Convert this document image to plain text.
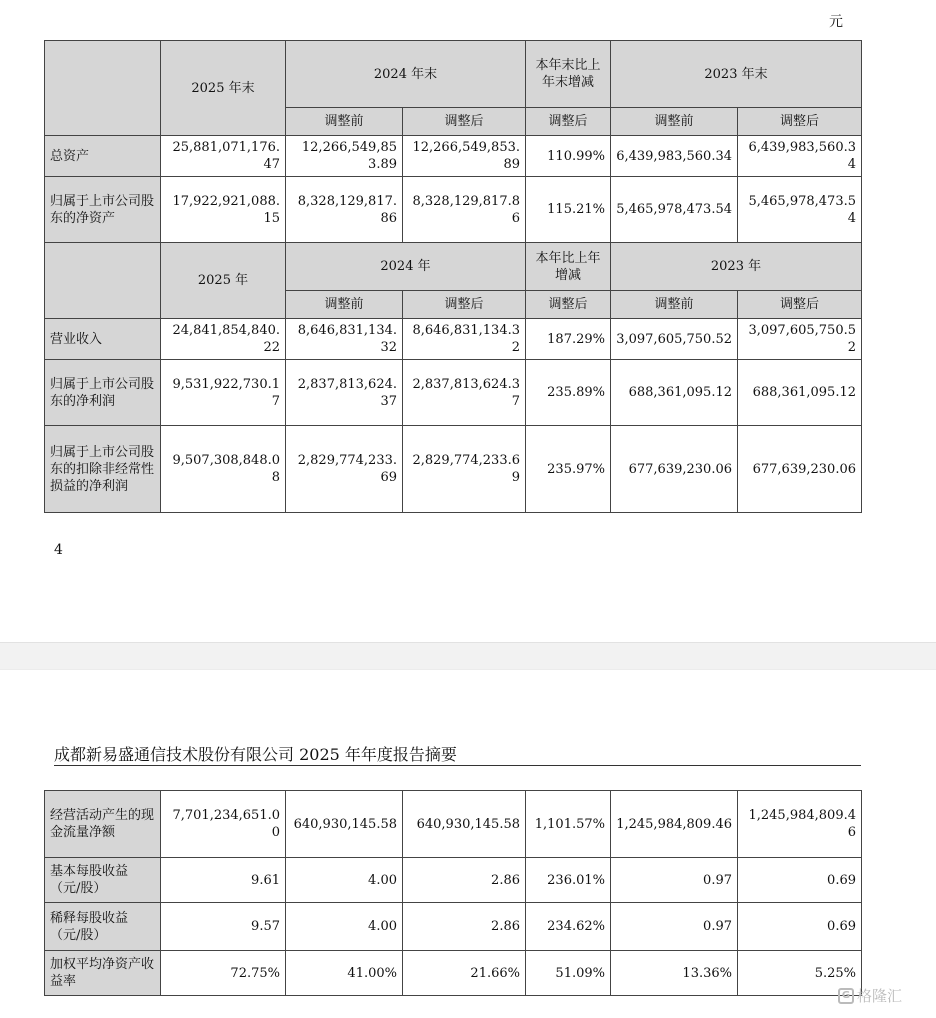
元
	2025 年末	2024 年末		本年末比上年末增减	2023 年末	
		调整前	调整后	调整后	调整前	调整后
总资产	25,881,071,176.47	12,266,549,853.89	12,266,549,853.89	110.99%	6,439,983,560.34	6,439,983,560.34
归属于上市公司股东的净资产	17,922,921,088.15	8,328,129,817.86	8,328,129,817.86	115.21%	5,465,978,473.54	5,465,978,473.54
	2025 年	2024 年		本年比上年增减	2023 年	
		调整前	调整后	调整后	调整前	调整后
营业收入	24,841,854,840.22	8,646,831,134.32	8,646,831,134.32	187.29%	3,097,605,750.52	3,097,605,750.52
归属于上市公司股东的净利润	9,531,922,730.17	2,837,813,624.37	2,837,813,624.37	235.89%	688,361,095.12	688,361,095.12
归属于上市公司股东的扣除非经常性损益的净利润	9,507,308,848.08	2,829,774,233.69	2,829,774,233.69	235.97%	677,639,230.06	677,639,230.06
4
成都新易盛通信技术股份有限公司 2025 年年度报告摘要
经营活动产生的现金流量净额	7,701,234,651.00	640,930,145.58	640,930,145.58	1,101.57%	1,245,984,809.46	1,245,984,809.46
基本每股收益（元/股）	9.61	4.00	2.86	236.01%	0.97	0.69
稀释每股收益（元/股）	9.57	4.00	2.86	234.62%	0.97	0.69
加权平均净资产收益率	72.75%	41.00%	21.66%	51.09%	13.36%	5.25%
G 格隆汇
